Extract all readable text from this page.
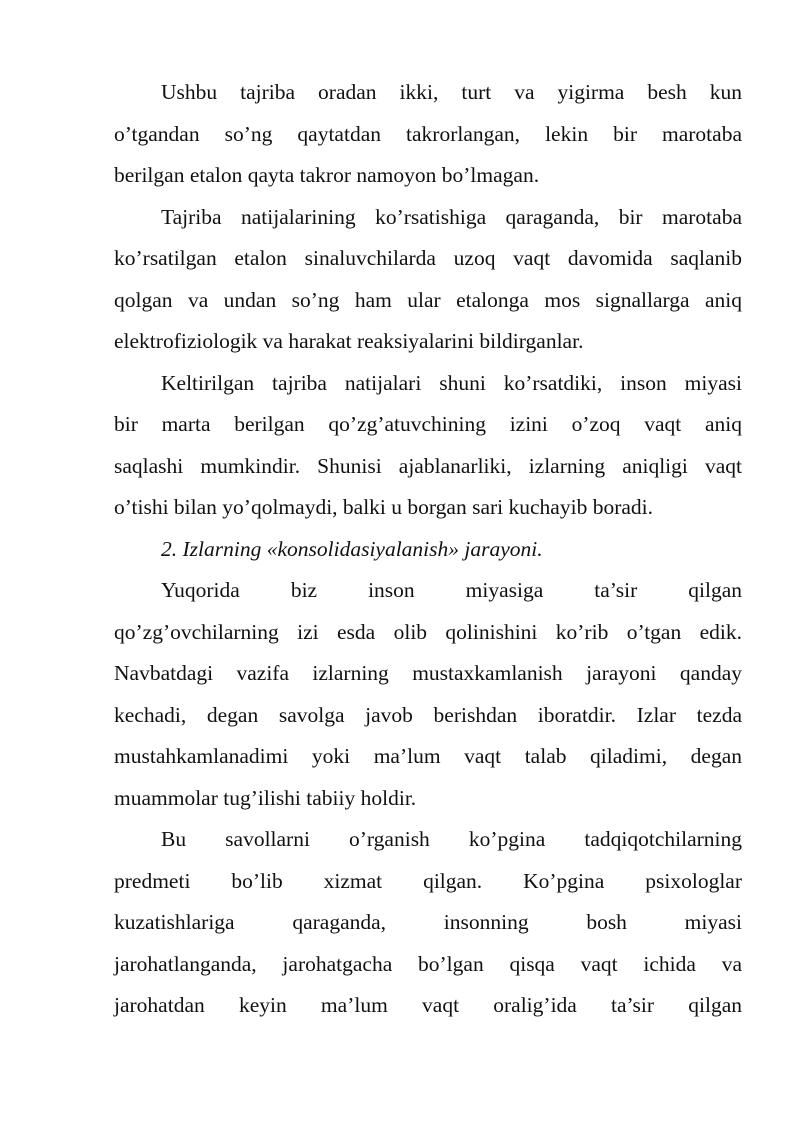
Ushbu tajriba oradan ikki, turt va yigirma besh kun
o’tgandan so’ng qaytatdan takrorlangan, lekin bir marotaba
berilgan etalon qayta takror namoyon bo’lmagan.
Tajriba natijalarining ko’rsatishiga qaraganda, bir marotaba
ko’rsatilgan etalon sinaluvchilarda uzoq vaqt davomida saqlanib
qolgan va undan so’ng ham ular etalonga mos signallarga aniq
elektrofiziologik va harakat reaksiyalarini bildirganlar.
Keltirilgan tajriba natijalari shuni ko’rsatdiki, inson miyasi
bir marta berilgan qo’zg’atuvchining izini o’zoq vaqt aniq
saqlashi mumkindir. Shunisi ajablanarliki, izlarning aniqligi vaqt
o’tishi bilan yo’qolmaydi, balki u borgan sari kuchayib boradi.
2. Izlarning «konsolidasiyalanish» jarayoni.
Yuqorida biz inson miyasiga ta’sir qilgan
qo’zg’ovchilarning izi esda olib qolinishini ko’rib o’tgan edik.
Navbatdagi vazifa izlarning mustaxkamlanish jarayoni qanday
kechadi, degan savolga javob berishdan iboratdir. Izlar tezda
mustahkamlanadimi yoki ma’lum vaqt talab qiladimi, degan
muammolar tug’ilishi tabiiy holdir.
Bu savollarni o’rganish ko’pgina tadqiqotchilarning
predmeti bo’lib xizmat qilgan. Ko’pgina psixologlar
kuzatishlariga qaraganda, insonning bosh miyasi
jarohatlanganda, jarohatgacha bo’lgan qisqa vaqt ichida va
jarohatdan keyin ma’lum vaqt oralig’ida ta’sir qilgan
